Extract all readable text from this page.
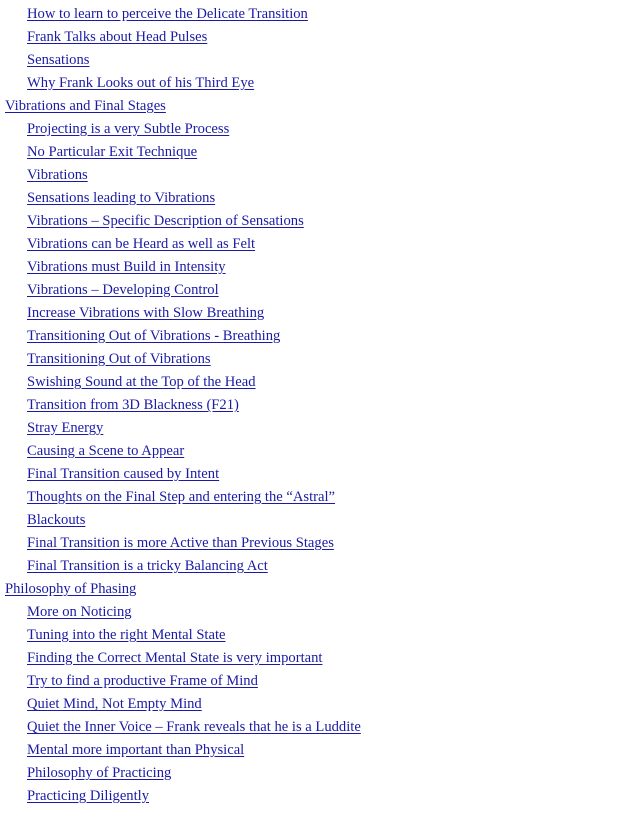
How to learn to perceive the Delicate Transition
Frank Talks about Head Pulses
Sensations
Why Frank Looks out of his Third Eye
Vibrations and Final Stages
Projecting is a very Subtle Process
No Particular Exit Technique
Vibrations
Sensations leading to Vibrations
Vibrations – Specific Description of Sensations
Vibrations can be Heard as well as Felt
Vibrations must Build in Intensity
Vibrations – Developing Control
Increase Vibrations with Slow Breathing
Transitioning Out of Vibrations - Breathing
Transitioning Out of Vibrations
Swishing Sound at the Top of the Head
Transition from 3D Blackness (F21)
Stray Energy
Causing a Scene to Appear
Final Transition caused by Intent
Thoughts on the Final Step and entering the “Astral”
Blackouts
Final Transition is more Active than Previous Stages
Final Transition is a tricky Balancing Act
Philosophy of Phasing
More on Noticing
Tuning into the right Mental State
Finding the Correct Mental State is very important
Try to find a productive Frame of Mind
Quiet Mind, Not Empty Mind
Quiet the Inner Voice – Frank reveals that he is a Luddite
Mental more important than Physical
Philosophy of Practicing
Practicing Diligently
